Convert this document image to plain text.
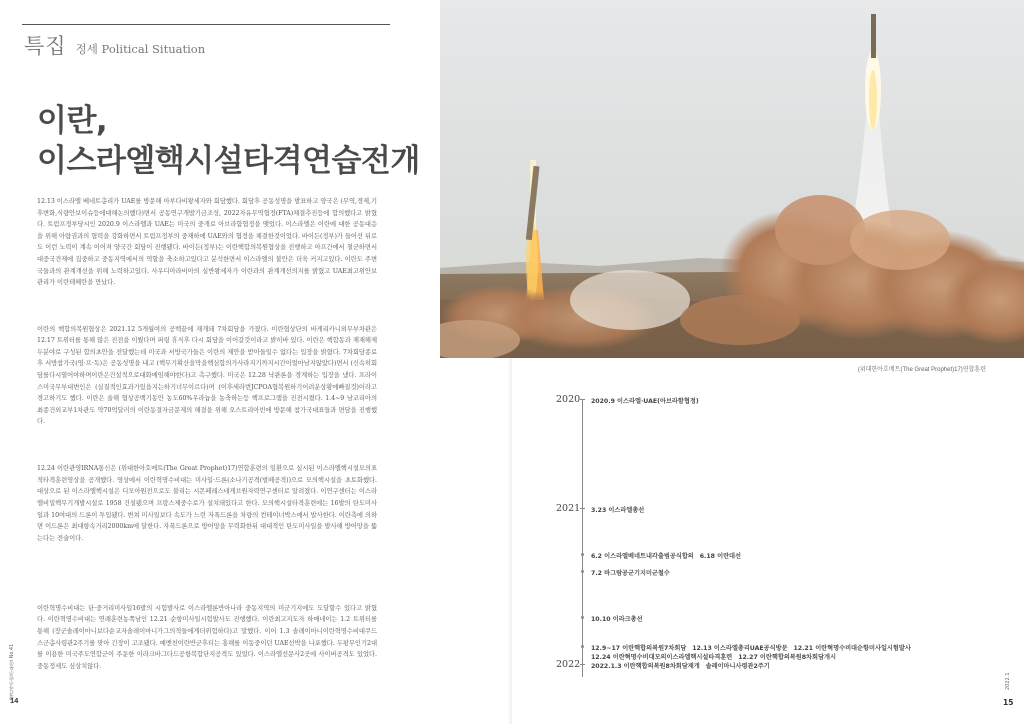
특집 정세 Political Situation
이란,
이스라엘핵시설타격연습전개

12.13 이스라엘 베네트총리가 UAE를 방문해 아부다비왕세자와 회담했다. 회담후 공동성명을 발표하고 양국은 (무역,경제,기후변화,식량안보이슈등에대해논의했다)면서 공동연구개발기금조성, 2022자유무역협정(FTA)체결추진등에 합의했다고 밝혔다. 트럼프정부당시인 2020.9 이스라엘과 UAE는 미국의 중개로 아브라함협정을 맺었다. 이스라엘은 이란에 대한 공동대응을 위해 아랍권과의 협력을 강화하면서 트럼프정부의 중재하에 UAE와의 협정을 체결한것이었다. 바이든(정부)가 들어선 뒤로도 이런 노력이 계속 이어져 양국간 회담이 진행됐다. 바이든(정부)는 이란핵합의복원협상을 진행하고 아프간에서 철군하면서 대중국견제에 집중하고 중동지역에서의 역할을 축소하고있다고 분석한면서 이스라엘의 불안은 더욱 커지고있다. 이란도 주변국들과의 관계개선을 위해 노력하고있다. 사우디아라비아의 실반왕세자가 이란과의 관계개선의지를 밝혔고 UAE최고위안보관리가 이란테헤란을 만났다.

이란의 핵합의복원협상은 2021.12 5개월여의 공백끝에 재개돼 7차회담을 가졌다. 이란협상단의 바게리카니외무부차관은 12.17 트위터를 통해 많은 진전을 이뤘다며 퍼링 휴식후 다시 회담을 이어갈것이라고 밝히바 있다. 이란은 핵합동과 재재해제 두분야로 구성된 합의초안을 전달했는데 미국과 서방국가들은 이란의 제안을 받아들일수 없다는 입장을 밝혔다. 7차회담종료후 서방참가국(영·프·독)은 공동성명을 내고 (핵무기확산을막을핵심합의가사라지기까지시간이얼마남지않았다)면서 (신속히회담를다시열어야하며이란은건설적으로대화에임해야한다)고 촉구했다. 미국은 12.28 낙관론을 경계하는 입장을 냈다. 프라이스미국무부대변인은 (실질적인효과가있을지는하기너무이르다)며 (이후세라번JCPOA협복원하기어려운상황에빠질것)이라고 경고하기도 했다. 이란은 올해 협상공백기동안 농도60%우라늄을 농축하는등 핵프로그램을 진전시켰다. 1.4~9 남코리아의 최종건외교부1차관도 약70억달러의 이란동결자금문제의 해결을 위해 오스트리아빈에 방문해 참가국대표들과 면담을 진행했다.

12.24 이란관영IRNA통신은 (위대한아호메트(The Great Prophet)17)연합훈련의 일환으로 실시된 이스라엘핵시설모의표적타격훈련영상을 공개했다. 영상에서 이란혁명수비대는 미사일·드론(소나기공격(벌떼공격))으로 모의핵시설을 초토화했다. 대상으로 된 이스라엘핵시설은 디모아원전으로도 불리는 시몬페레스네게브원자력연구센터로 알려졌다. 이연구센터는 이스라엘비밀핵무기개발시설로 1958 건설됐으며 프랑스제중수로가 설치돼있다고 한다. 모의핵시설타격훈련에는 16발의 탄도미사일과 10여대의 드론이 투입됐다. 변쳐 미사일보다 속도가 느린 자폭드론을 차량의 컨테이너박스에서 발사한다. 이란측에 의하면 이드론은 최대항속거리2000km에 달한다. 자폭드론으로 방어망을 무력화한뒤 대대적인 탄도미사일을 발사해 방어망을 뚫는다는 전술이다.

이란혁명수비대는 단·중거리미사일16발의 시험발사로 이스라엘론반아나라 중동지역의 미군기지에도 도달할수 있다고 밝혔다. 이란혁명수비대는 연례훈련농쪽남인 12.21 순항미사일시험발사도 진행했다. 이란최고지도자 하메네이는 1.2 트위터를 통해 (장군솔레이마니보다순교자솔레이마니가그의적들에게더위험하다)고 말했다. 이어 1.3 솔레이마니이란혁명수비대쿠드스군총사령관2주기를 맞아 긴장이 고조됐다. 예멘친이란반군후티는 홍해를 이동중이던 UAE선박을 나포했다. 두팡무인기2대를 이용한 미국주도연합군이 주둔한 이라크바그다드공항복합단지공격도 있었다. 이스라엘선문사2곳에 사이버공격도 있었다. 중동정세도 심상치않다.

월간자주민주통일 No.41
14
(위대한아호메트(The Great Prophet)17)연합훈련
2020 2020.9 이스라엘·UAE(아브라함협정)
2021 3.23 이스라엘총선
6.2 이스라엘베네트내각출범공식합의 6.18 이란대선
7.2 바그람공군기지미군철수
10.10 이라크총선
12.9~17 이란핵합의복원7차회담 12.13 이스라엘총리UAE공식방문 12.21 이란혁명수비대순항미사일시험발사
12.24 이란혁명수비대모의이스라엘핵시설타격훈련 12.27 이란핵합의복원8차회담개시
2022 2022.1.3 이란핵합의복원8차회담재개 솔레이마니사령관2주기
2022.1
15
